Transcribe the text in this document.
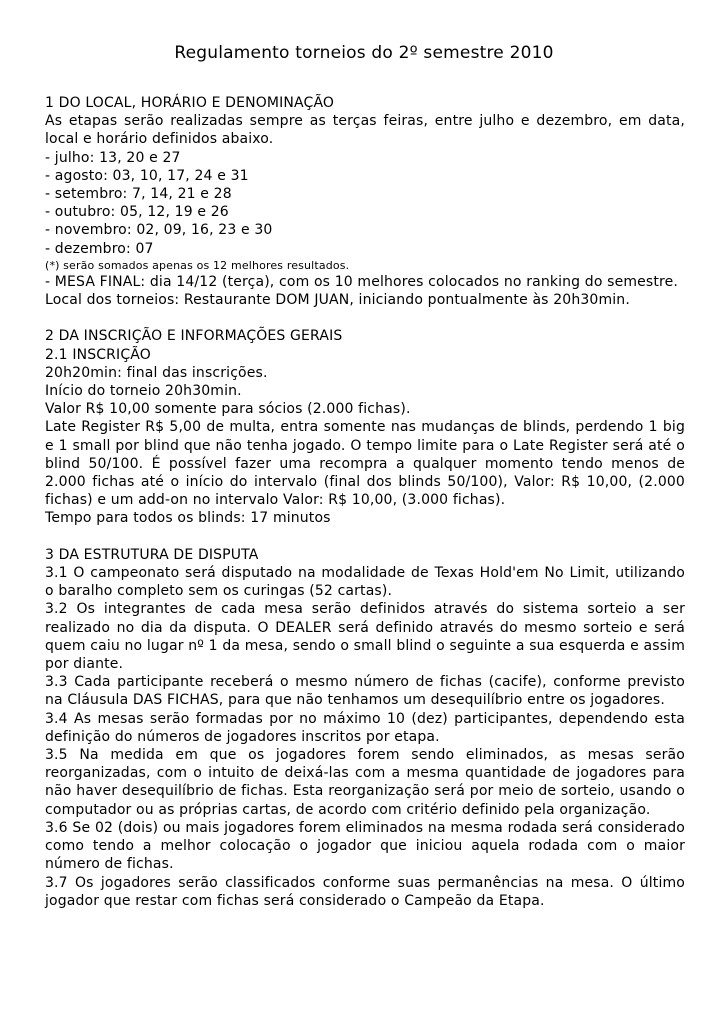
Regulamento torneios do 2º semestre 2010

1 DO LOCAL, HORÁRIO E DENOMINAÇÃO

As etapas serão realizadas sempre as terças feiras, entre julho e dezembro, em data, local e horário definidos abaixo.

- julho: 13, 20 e 27

- agosto: 03, 10, 17, 24 e 31

- setembro: 7, 14, 21 e 28

- outubro: 05, 12, 19 e 26

- novembro: 02, 09, 16, 23 e 30

- dezembro: 07

(*) serão somados apenas os 12 melhores resultados.

- MESA FINAL: dia 14/12 (terça), com os 10 melhores colocados no ranking do semestre.

Local dos torneios: Restaurante DOM JUAN, iniciando pontualmente às 20h30min.

2 DA INSCRIÇÃO E INFORMAÇÕES GERAIS

2.1 INSCRIÇÃO

20h20min: final das inscrições.

Início do torneio 20h30min.

Valor R$ 10,00 somente para sócios (2.000 fichas).

Late Register R$ 5,00 de multa, entra somente nas mudanças de blinds, perdendo 1 big e 1 small por blind que não tenha jogado. O tempo limite para o Late Register será até o blind 50/100. É possível fazer uma recompra a qualquer momento tendo menos de 2.000 fichas até o início do intervalo (final dos blinds 50/100), Valor: R$ 10,00, (2.000 fichas) e um add-on no intervalo Valor: R$ 10,00, (3.000 fichas).

Tempo para todos os blinds: 17 minutos

3 DA ESTRUTURA DE DISPUTA

3.1 O campeonato será disputado na modalidade de Texas Hold'em No Limit, utilizando o baralho completo sem os curingas (52 cartas).

3.2 Os integrantes de cada mesa serão definidos através do sistema sorteio a ser realizado no dia da disputa. O DEALER será definido através do mesmo sorteio e será quem caiu no lugar nº 1 da mesa, sendo o small blind o seguinte a sua esquerda e assim por diante.

3.3 Cada participante receberá o mesmo número de fichas (cacife), conforme previsto na Cláusula DAS FICHAS, para que não tenhamos um desequilíbrio entre os jogadores.

3.4 As mesas serão formadas por no máximo 10 (dez) participantes, dependendo esta definição do números de jogadores inscritos por etapa.

3.5 Na medida em que os jogadores forem sendo eliminados, as mesas serão reorganizadas, com o intuito de deixá-las com a mesma quantidade de jogadores para não haver desequilíbrio de fichas. Esta reorganização será por meio de sorteio, usando o computador ou as próprias cartas, de acordo com critério definido pela organização.

3.6 Se 02 (dois) ou mais jogadores forem eliminados na mesma rodada será considerado como tendo a melhor colocação o jogador que iniciou aquela rodada com o maior número de fichas.

3.7 Os jogadores serão classificados conforme suas permanências na mesa. O último jogador que restar com fichas será considerado o Campeão da Etapa.
